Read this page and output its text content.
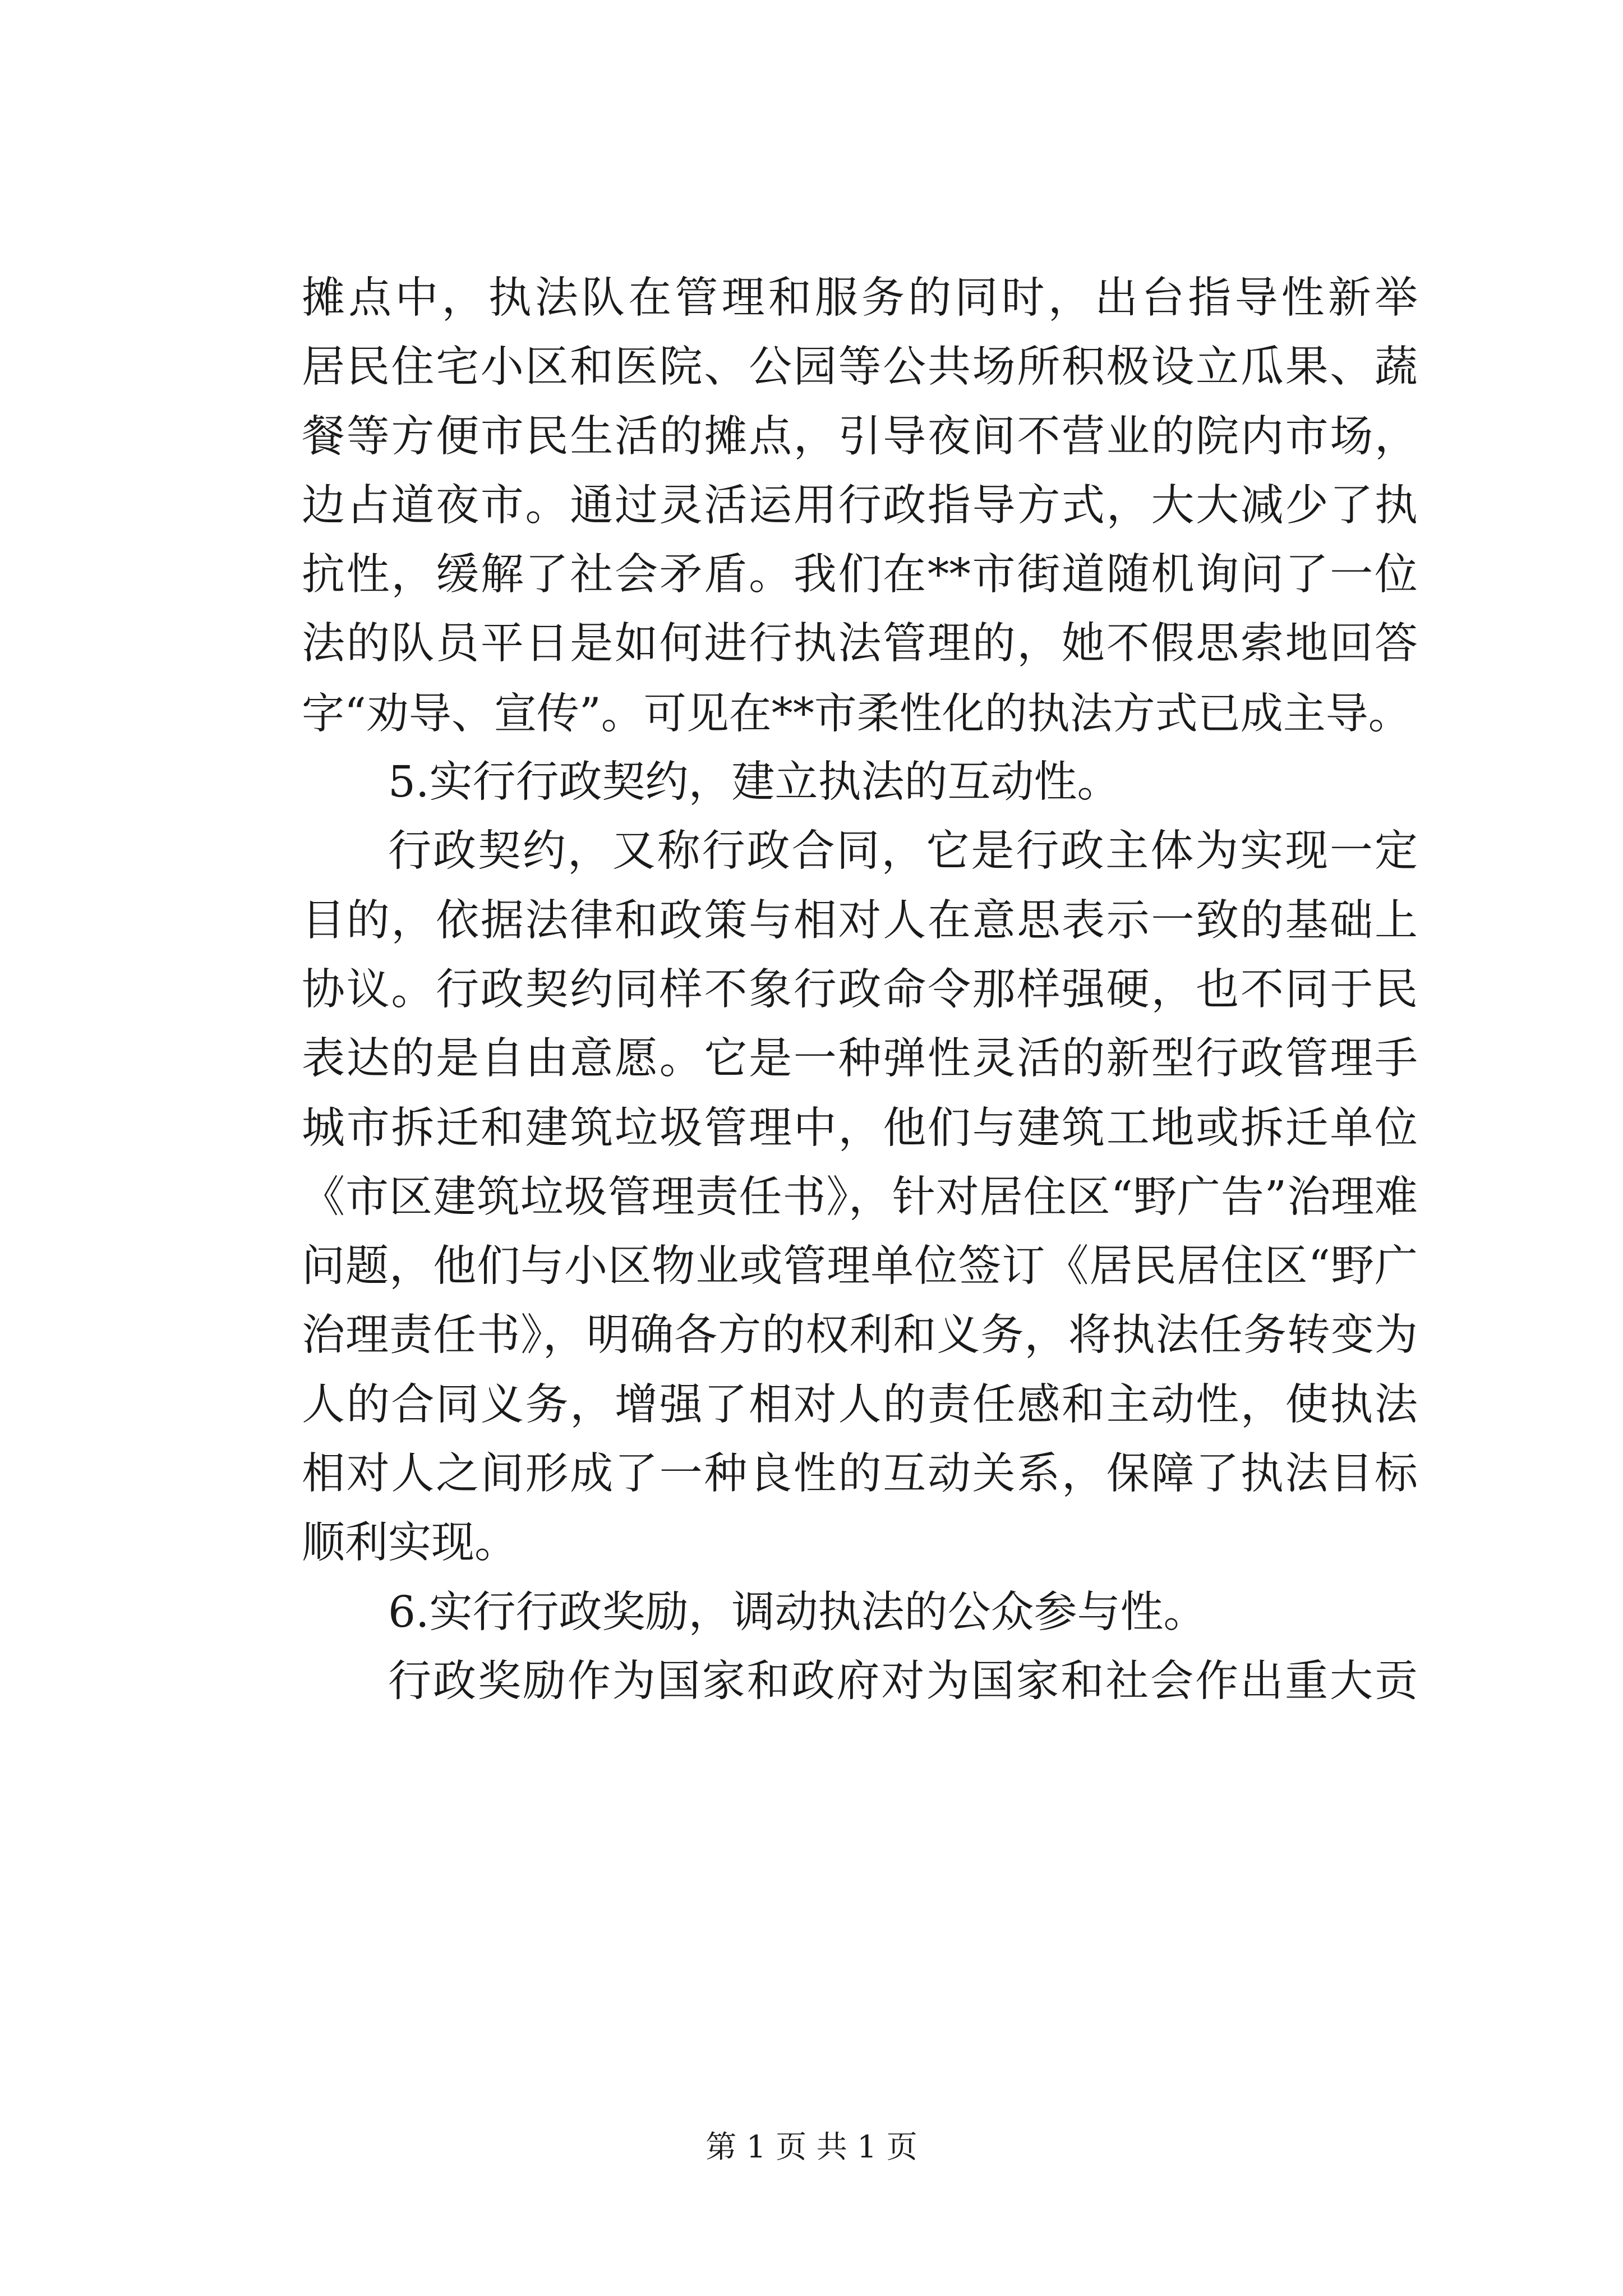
摊点中，执法队在管理和服务的同时，出台指导性新举
居民住宅小区和医院、公园等公共场所积极设立瓜果、蔬
餐等方便市民生活的摊点，引导夜间不营业的院内市场，
边占道夜市。通过灵活运用行政指导方式，大大减少了执
抗性，缓解了社会矛盾。我们在**市街道随机询问了一位
法的队员平日是如何进行执法管理的，她不假思索地回答
字“劝导、宣传”。可见在**市柔性化的执法方式已成主导。
5.实行行政契约，建立执法的互动性。
行政契约，又称行政合同，它是行政主体为实现一定
目的，依据法律和政策与相对人在意思表示一致的基础上
协议。行政契约同样不象行政命令那样强硬，也不同于民
表达的是自由意愿。它是一种弹性灵活的新型行政管理手
城市拆迁和建筑垃圾管理中，他们与建筑工地或拆迁单位
《市区建筑垃圾管理责任书》，针对居住区“野广告”治理难
问题，他们与小区物业或管理单位签订《居民居住区“野广
治理责任书》，明确各方的权利和义务，将执法任务转变为
人的合同义务，增强了相对人的责任感和主动性，使执法
相对人之间形成了一种良性的互动关系，保障了执法目标
顺利实现。
6.实行行政奖励，调动执法的公众参与性。
行政奖励作为国家和政府对为国家和社会作出重大贡
第 1 页 共 1 页
